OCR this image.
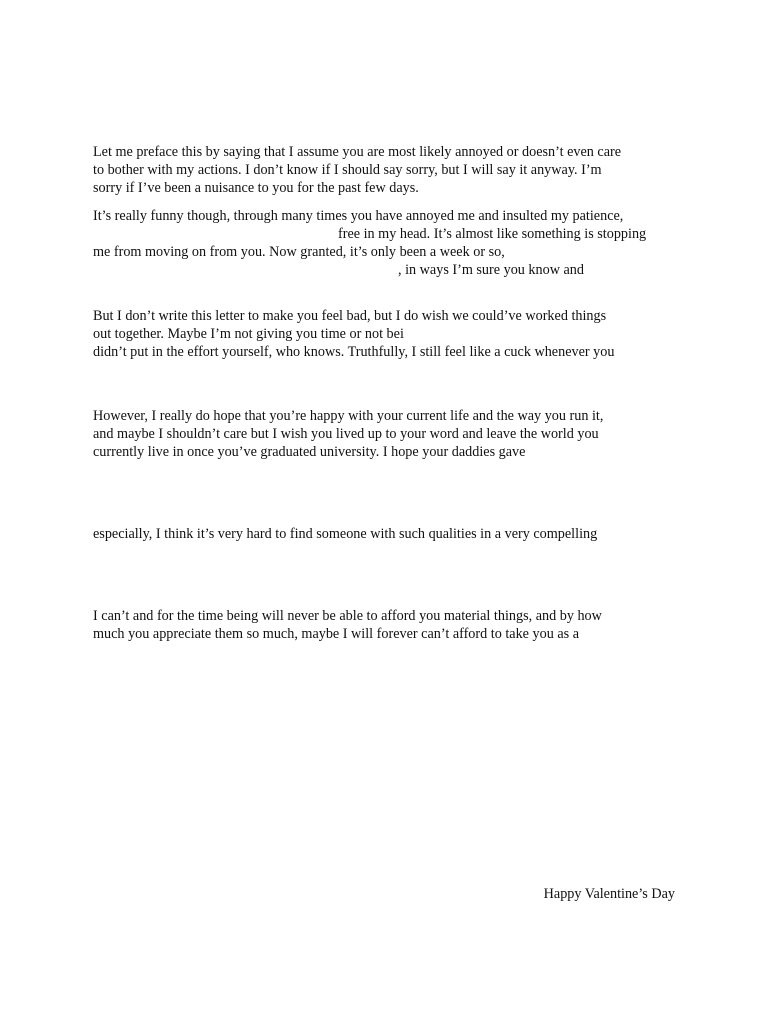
Let me preface this by saying that I assume you are most likely annoyed or doesn’t even care
to bother with my actions. I don’t know if I should say sorry, but I will say it anyway. I’m
sorry if I’ve been a nuisance to you for the past few days.
It’s really funny though, through many times you have annoyed me and insulted my patience,
free in my head. It’s almost like something is stopping
me from moving on from you. Now granted, it’s only been a week or so,
, in ways I’m sure you know and
But I don’t write this letter to make you feel bad, but I do wish we could’ve worked things
out together. Maybe I’m not giving you time or not bei
didn’t put in the effort yourself, who knows. Truthfully, I still feel like a cuck whenever you
However, I really do hope that you’re happy with your current life and the way you run it,
and maybe I shouldn’t care but I wish you lived up to your word and leave the world you
currently live in once you’ve graduated university. I hope your daddies gave
especially, I think it’s very hard to find someone with such qualities in a very compelling
I can’t and for the time being will never be able to afford you material things, and by how
much you appreciate them so much, maybe I will forever can’t afford to take you as a
Happy Valentine’s Day
